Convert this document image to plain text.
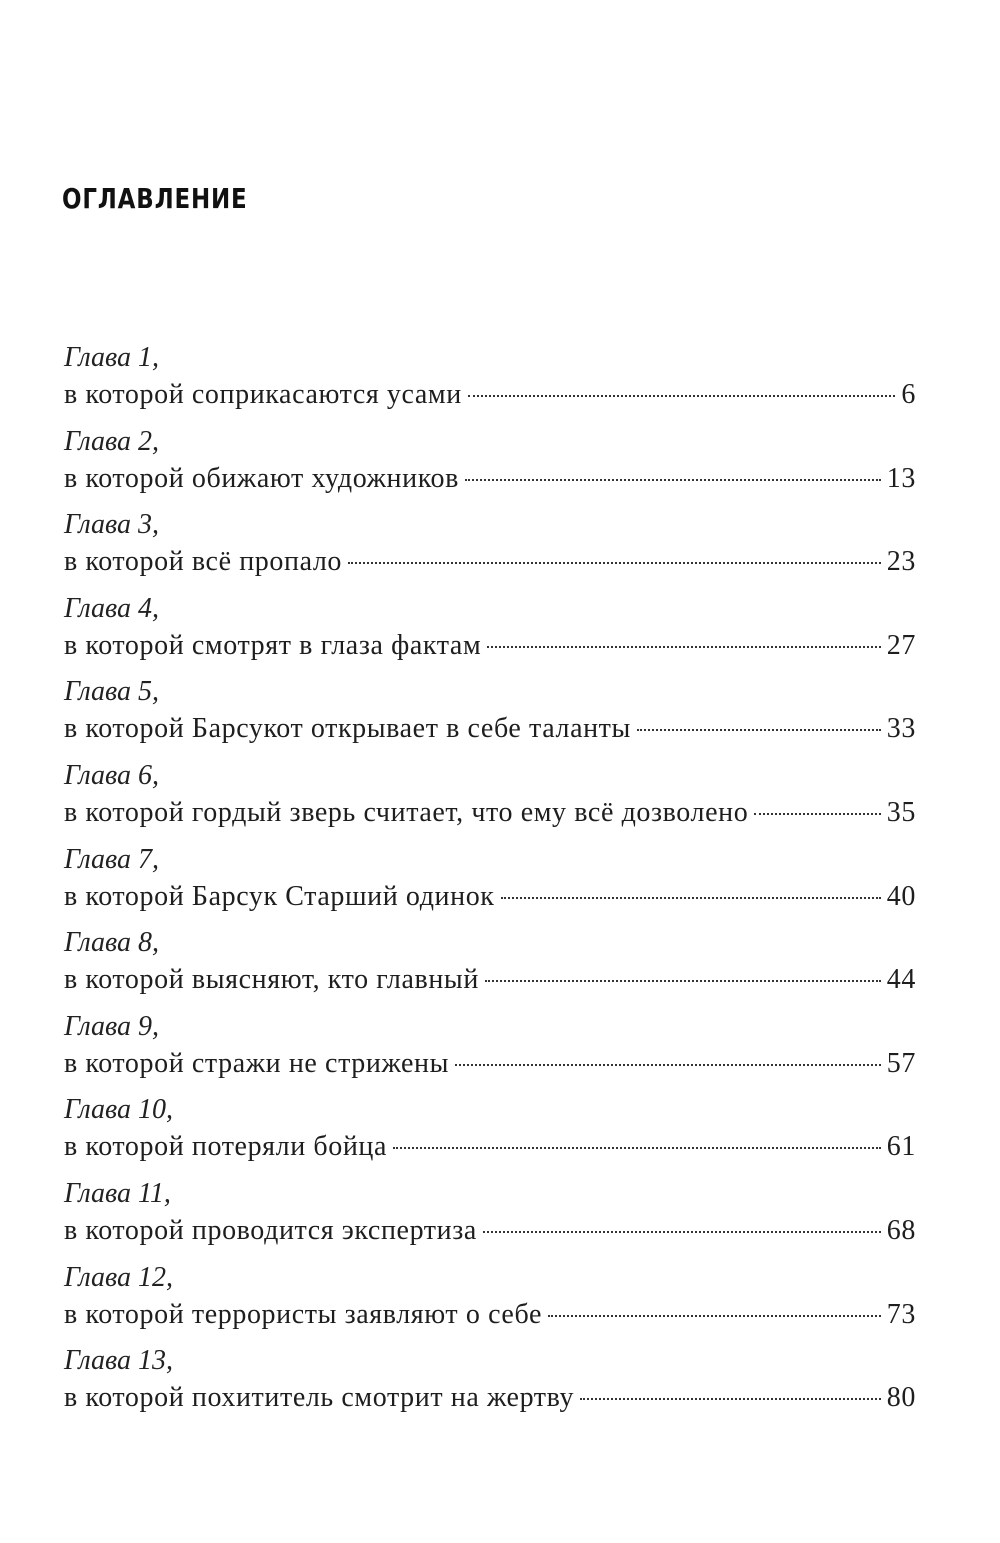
оглавление
Глава 1,
в которой соприкасаются усами	6
Глава 2,
в которой обижают художников	13
Глава 3,
в которой всё пропало	23
Глава 4,
в которой смотрят в глаза фактам	27
Глава 5,
в которой Барсукот открывает в себе таланты	33
Глава 6,
в которой гордый зверь считает, что ему всё дозволено	35
Глава 7,
в которой Барсук Старший одинок	40
Глава 8,
в которой выясняют, кто главный	44
Глава 9,
в которой стражи не стрижены	57
Глава 10,
в которой потеряли бойца	61
Глава 11,
в которой проводится экспертиза	68
Глава 12,
в которой террористы заявляют о себе	73
Глава 13,
в которой похититель смотрит на жертву	80
